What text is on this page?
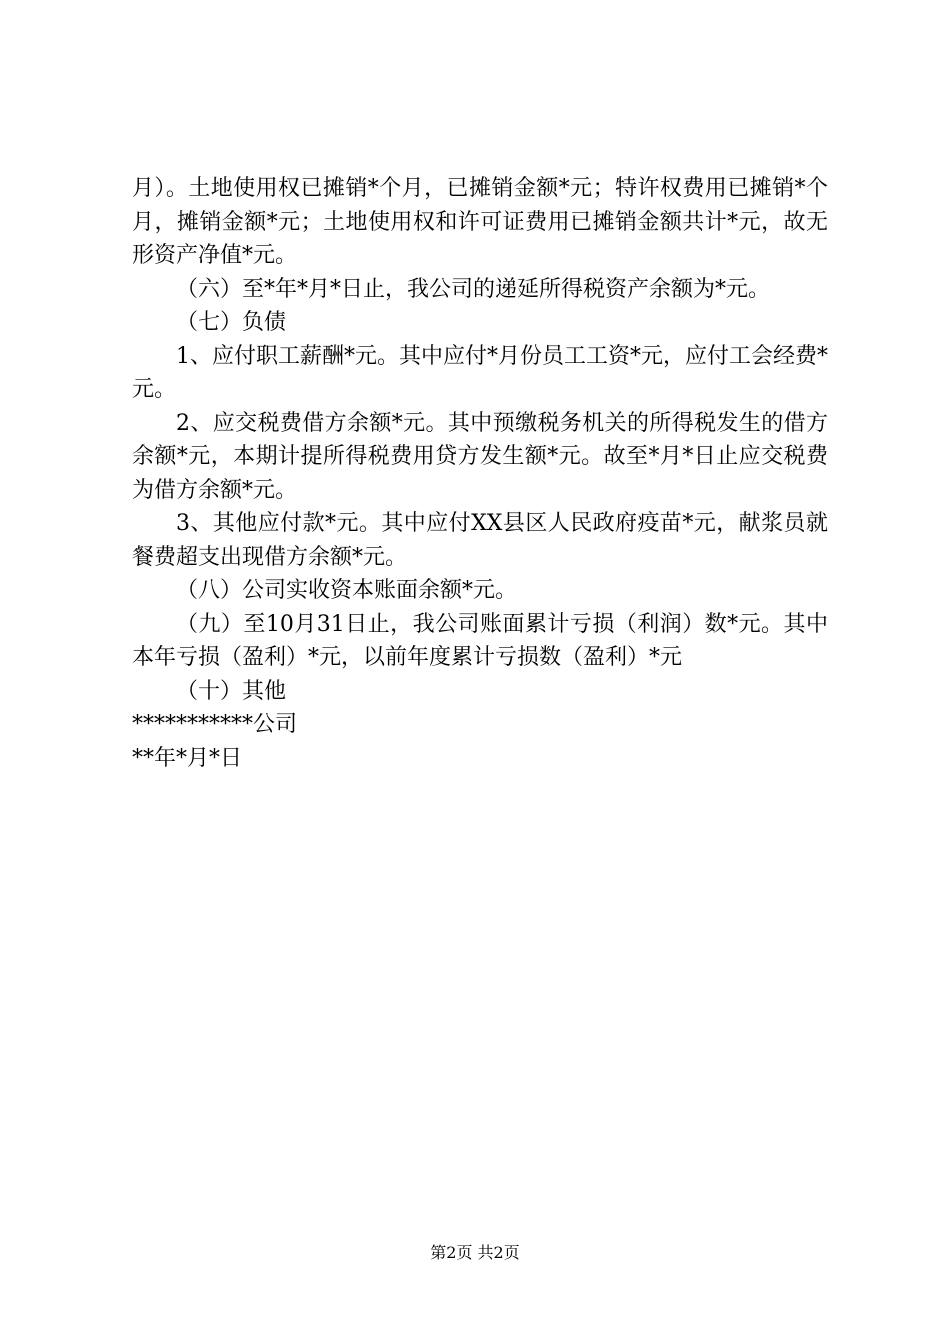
月）。土地使用权已摊销*个月，已摊销金额*元；特许权费用已摊销*个月，摊销金额*元；土地使用权和许可证费用已摊销金额共计*元，故无形资产净值*元。

（六）至*年*月*日止，我公司的递延所得税资产余额为*元。

（七）负债

1、应付职工薪酬*元。其中应付*月份员工工资*元，应付工会经费*元。

2、应交税费借方余额*元。其中预缴税务机关的所得税发生的借方余额*元，本期计提所得税费用贷方发生额*元。故至*月*日止应交税费为借方余额*元。

3、其他应付款*元。其中应付XX县区人民政府疫苗*元，献浆员就餐费超支出现借方余额*元。

（八）公司实收资本账面余额*元。

（九）至10月31日止，我公司账面累计亏损（利润）数*元。其中本年亏损（盈利）*元，以前年度累计亏损数（盈利）*元

（十）其他

***********公司

**年*月*日

第2页 共2页
